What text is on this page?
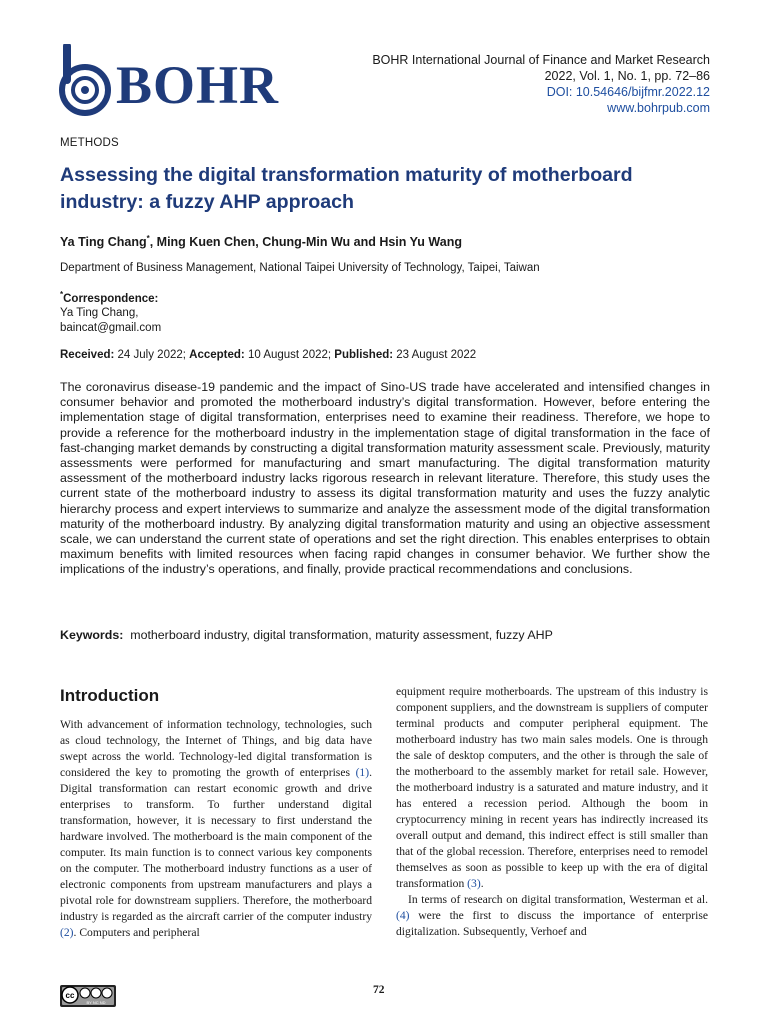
BOHR	BOHR International Journal of Finance and Market Research
2022, Vol. 1, No. 1, pp. 72–86
DOI: 10.54646/bijfmr.2022.12
www.bohrpub.com
METHODS
Assessing the digital transformation maturity of motherboard industry: a fuzzy AHP approach
Ya Ting Chang*, Ming Kuen Chen, Chung-Min Wu and Hsin Yu Wang
Department of Business Management, National Taipei University of Technology, Taipei, Taiwan
*Correspondence:
Ya Ting Chang,
baincat@gmail.com
Received: 24 July 2022; Accepted: 10 August 2022; Published: 23 August 2022
The coronavirus disease-19 pandemic and the impact of Sino-US trade have accelerated and intensified changes in consumer behavior and promoted the motherboard industry’s digital transformation. However, before entering the implementation stage of digital transformation, enterprises need to examine their readiness. Therefore, we hope to provide a reference for the motherboard industry in the implementation stage of digital transformation in the face of fast-changing market demands by constructing a digital transformation maturity assessment scale. Previously, maturity assessments were performed for manufacturing and smart manufacturing. The digital transformation maturity assessment of the motherboard industry lacks rigorous research in relevant literature. Therefore, this study uses the current state of the motherboard industry to assess its digital transformation maturity and uses the fuzzy analytic hierarchy process and expert interviews to summarize and analyze the assessment mode of the digital transformation maturity of the motherboard industry. By analyzing digital transformation maturity and using an objective assessment scale, we can understand the current state of operations and set the right direction. This enables enterprises to obtain maximum benefits with limited resources when facing rapid changes in consumer behavior. We further show the implications of the industry’s operations, and finally, provide practical recommendations and conclusions.
Keywords: motherboard industry, digital transformation, maturity assessment, fuzzy AHP
Introduction

With advancement of information technology, technologies, such as cloud technology, the Internet of Things, and big data have swept across the world. Technology-led digital transformation is considered the key to promoting the growth of enterprises (1). Digital transformation can restart economic growth and drive enterprises to transform. To further understand digital transformation, however, it is necessary to first understand the hardware involved. The motherboard is the main component of the computer. Its main function is to connect various key components on the computer. The motherboard industry functions as a user of electronic components from upstream manufacturers and plays a pivotal role for downstream suppliers. Therefore, the motherboard industry is regarded as the aircraft carrier of the computer industry (2). Computers and peripheral

equipment require motherboards. The upstream of this industry is component suppliers, and the downstream is suppliers of computer terminal products and computer peripheral equipment. The motherboard industry has two main sales models. One is through the sale of desktop computers, and the other is through the sale of the motherboard to the assembly market for retail sale. However, the motherboard industry is a saturated and mature industry, and it has entered a recession period. Although the boom in cryptocurrency mining in recent years has indirectly increased its overall output and demand, this indirect effect is still smaller than that of the global recession. Therefore, enterprises need to remodel themselves as soon as possible to keep up with the era of digital transformation (3).

In terms of research on digital transformation, Westerman et al. (4) were the first to discuss the importance of enterprise digitalization. Subsequently, Verhoef and

cc
BY NC ND
72
